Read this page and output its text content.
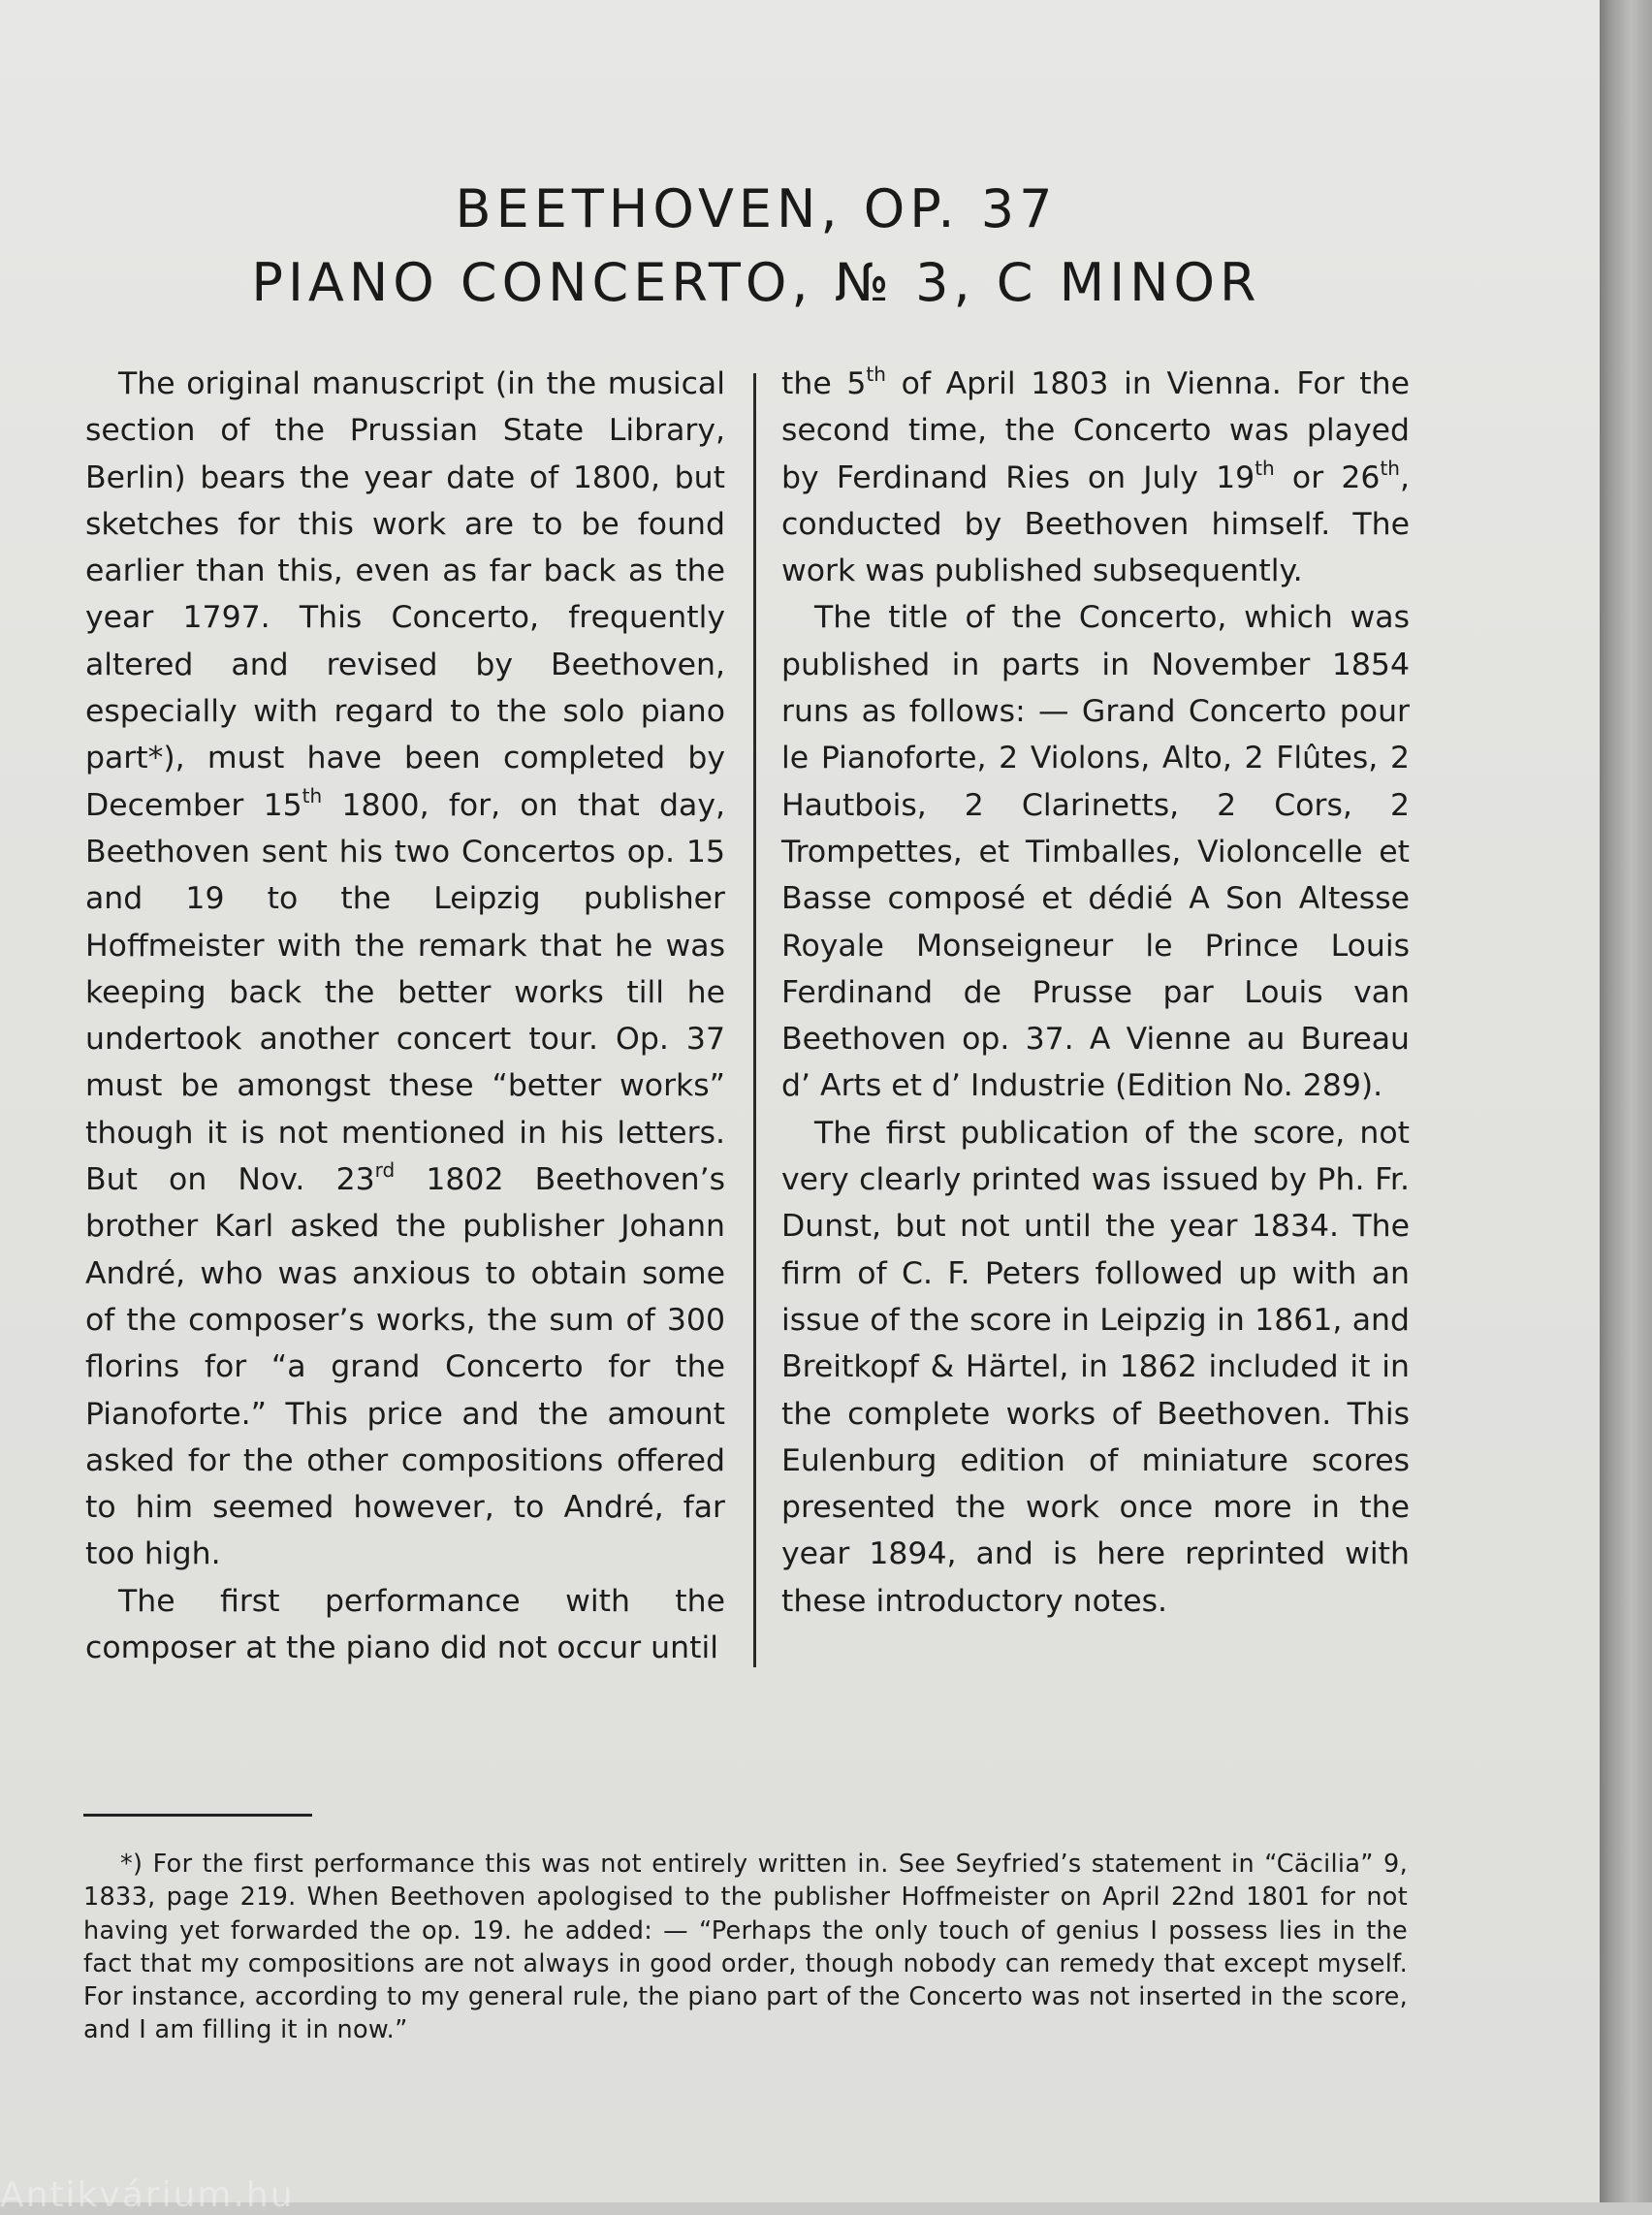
BEETHOVEN, OP. 37
PIANO CONCERTO, № 3, C MINOR

The original manuscript (in the musical section of the Prussian State Library, Berlin) bears the year date of 1800, but sketches for this work are to be found earlier than this, even as far back as the year 1797. This Concerto, frequently altered and revised by Beethoven, especially with regard to the solo piano part*), must have been completed by December 15th 1800, for, on that day, Beethoven sent his two Concertos op. 15 and 19 to the Leipzig publisher Hoffmeister with the remark that he was keeping back the better works till he undertook another concert tour. Op. 37 must be amongst these “better works” though it is not mentioned in his letters. But on Nov. 23rd 1802 Beethoven’s brother Karl asked the publisher Johann André, who was anxious to obtain some of the composer’s works, the sum of 300 florins for “a grand Concerto for the Pianoforte.” This price and the amount asked for the other compositions offered to him seemed however, to André, far too high.

The first performance with the composer at the piano did not occur until

the 5th of April 1803 in Vienna. For the second time, the Concerto was played by Ferdinand Ries on July 19th or 26th, conducted by Beethoven himself. The work was published subsequently.

The title of the Concerto, which was published in parts in November 1854 runs as follows: — Grand Concerto pour le Pianoforte, 2 Violons, Alto, 2 Flûtes, 2 Hautbois, 2 Clarinetts, 2 Cors, 2 Trompettes, et Timballes, Violoncelle et Basse composé et dédié A Son Altesse Royale Monseigneur le Prince Louis Ferdinand de Prusse par Louis van Beethoven op. 37. A Vienne au Bureau d’ Arts et d’ Industrie (Edition No. 289).

The first publication of the score, not very clearly printed was issued by Ph. Fr. Dunst, but not until the year 1834. The firm of C. F. Peters followed up with an issue of the score in Leipzig in 1861, and Breitkopf & Härtel, in 1862 included it in the complete works of Beethoven. This Eulenburg edition of miniature scores presented the work once more in the year 1894, and is here reprinted with these introductory notes.

*) For the first performance this was not entirely written in. See Seyfried’s statement in “Cäcilia” 9, 1833, page 219. When Beethoven apologised to the publisher Hoffmeister on April 22nd 1801 for not having yet forwarded the op. 19. he added: — “Perhaps the only touch of genius I possess lies in the fact that my compositions are not always in good order, though nobody can remedy that except myself. For instance, according to my general rule, the piano part of the Concerto was not inserted in the score, and I am filling it in now.”

Antikvárium.hu
